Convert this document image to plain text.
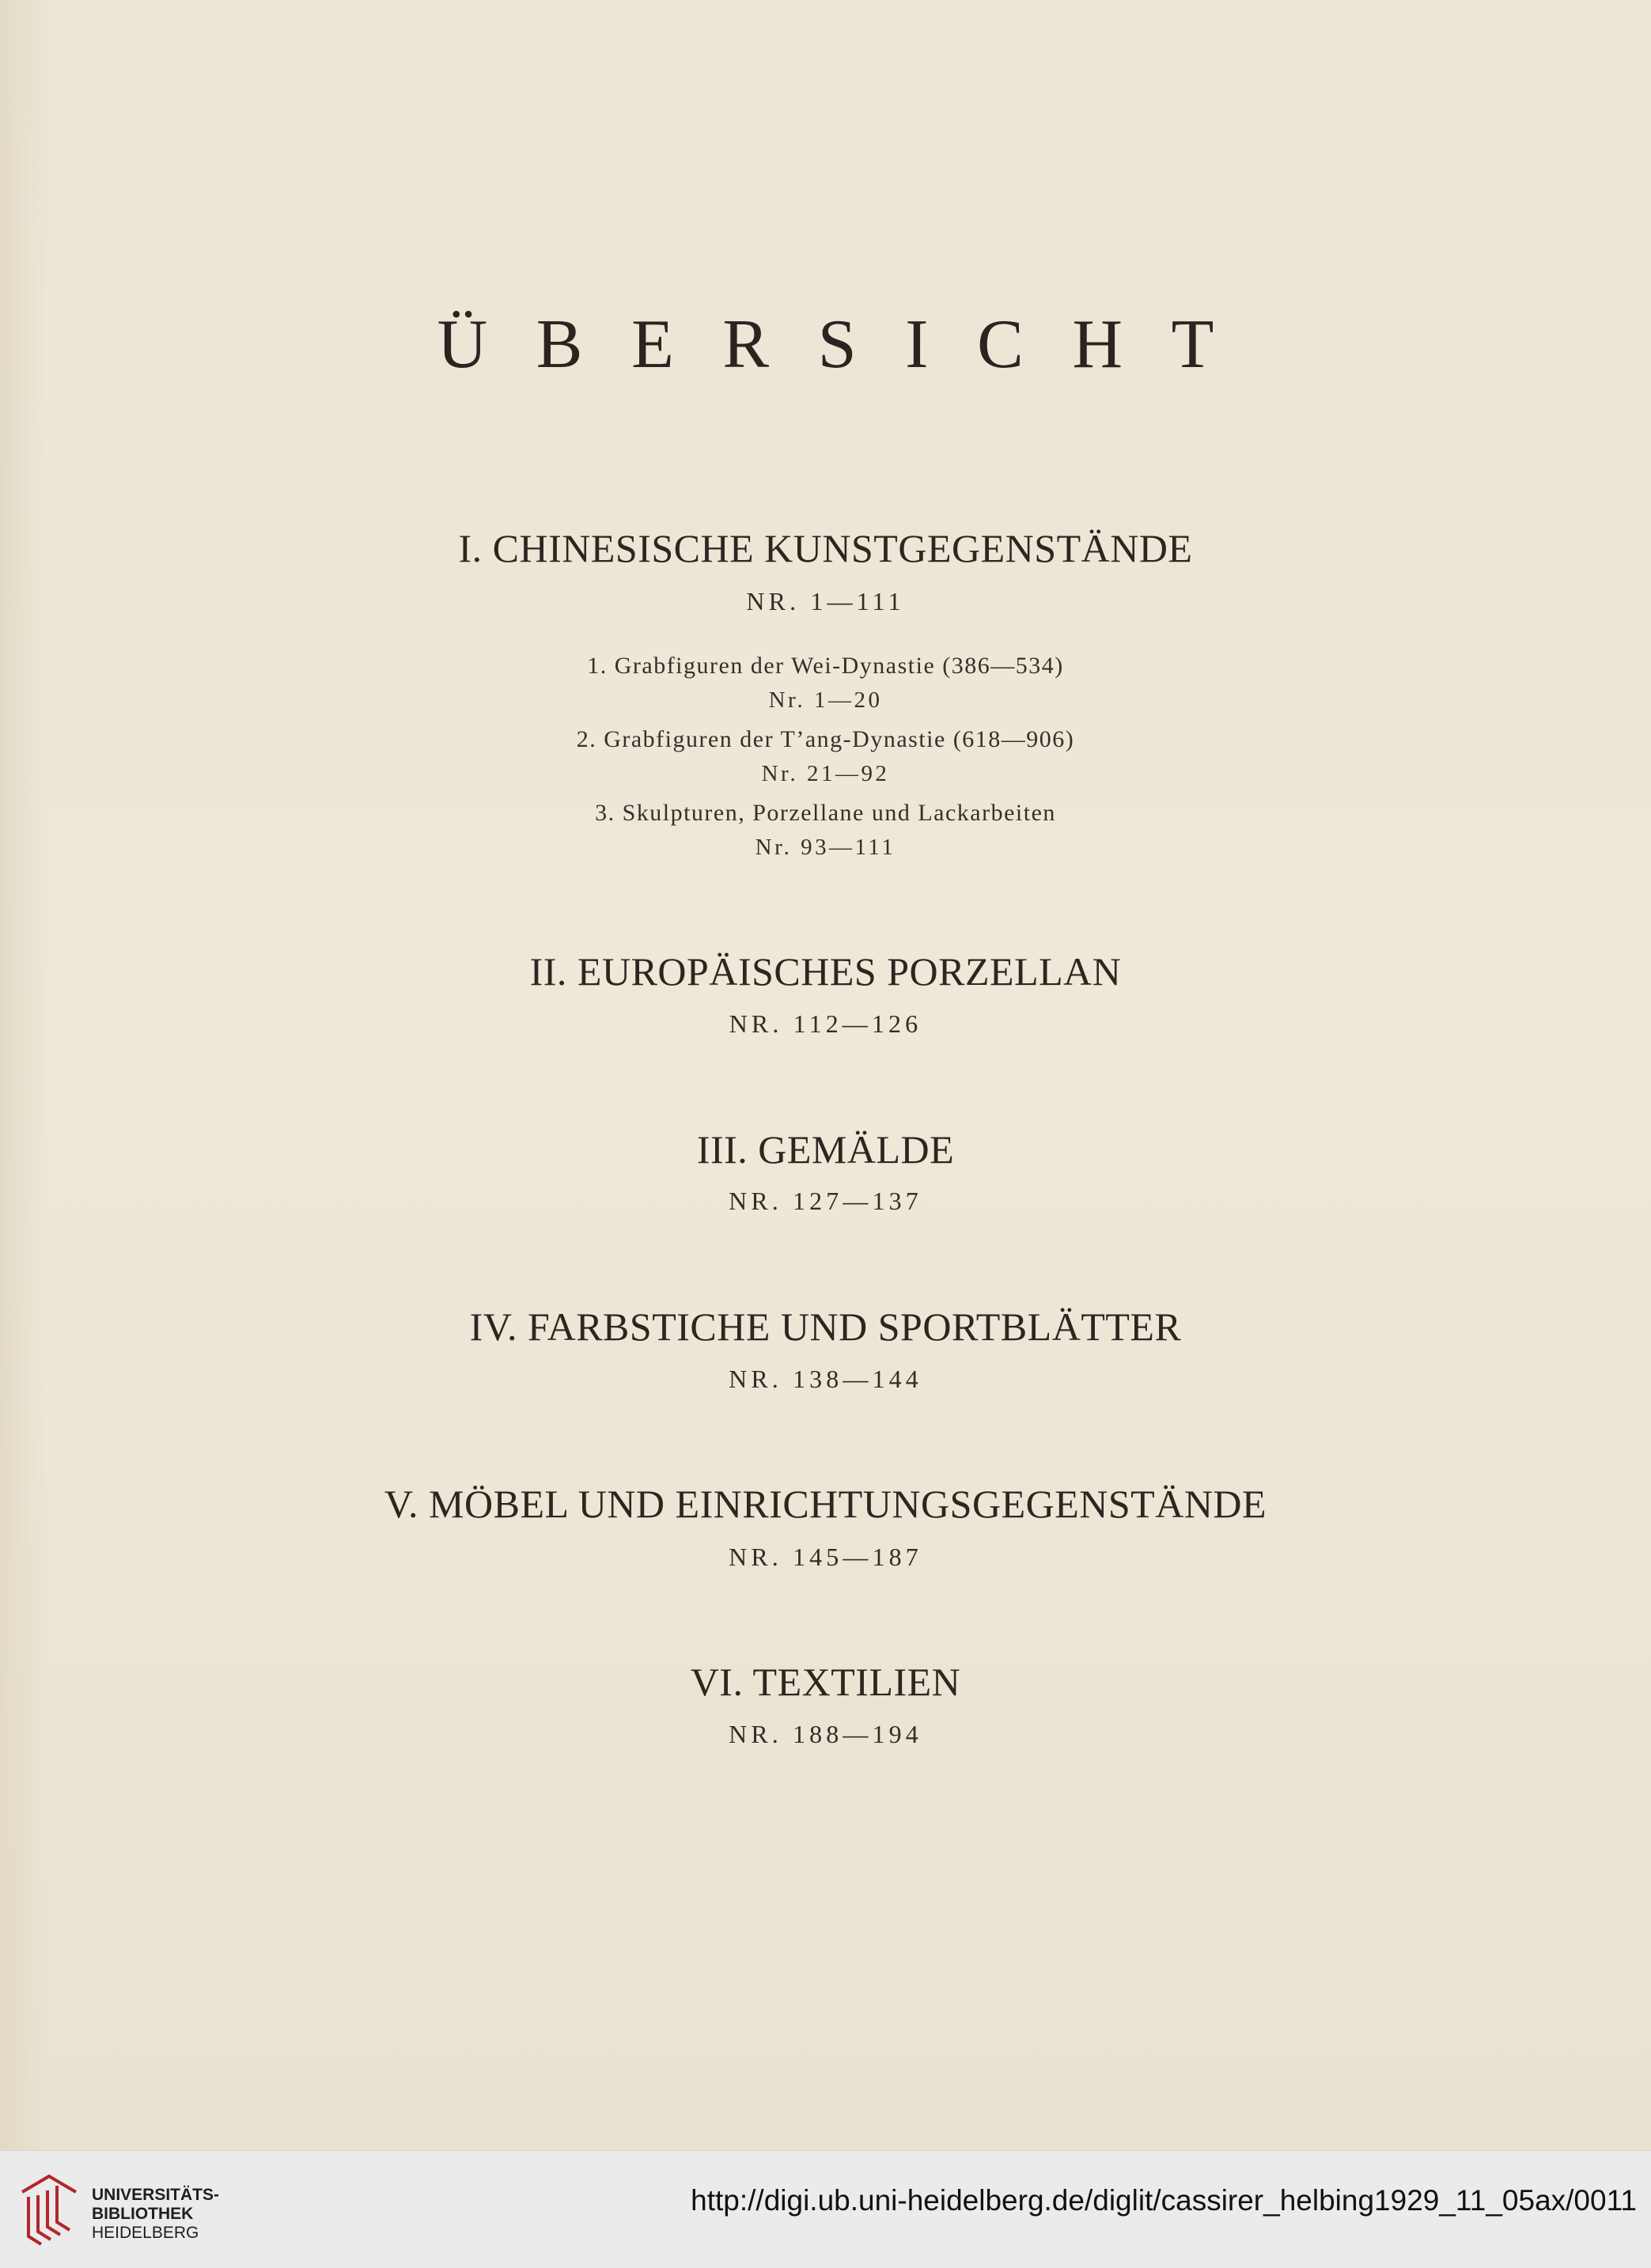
ÜBERSICHT
I. CHINESISCHE KUNSTGEGENSTÄNDE
NR. 1—111
1. Grabfiguren der Wei-Dynastie (386—534)
Nr. 1—20
2. Grabfiguren der T’ang-Dynastie (618—906)
Nr. 21—92
3. Skulpturen, Porzellane und Lackarbeiten
Nr. 93—111
II. EUROPÄISCHES PORZELLAN
NR. 112—126
III. GEMÄLDE
NR. 127—137
IV. FARBSTICHE UND SPORTBLÄTTER
NR. 138—144
V. MÖBEL UND EINRICHTUNGSGEGENSTÄNDE
NR. 145—187
VI. TEXTILIEN
NR. 188—194
UNIVERSITÄTS-
BIBLIOTHEK
HEIDELBERG
http://digi.ub.uni-heidelberg.de/diglit/cassirer_helbing1929_11_05ax/0011
